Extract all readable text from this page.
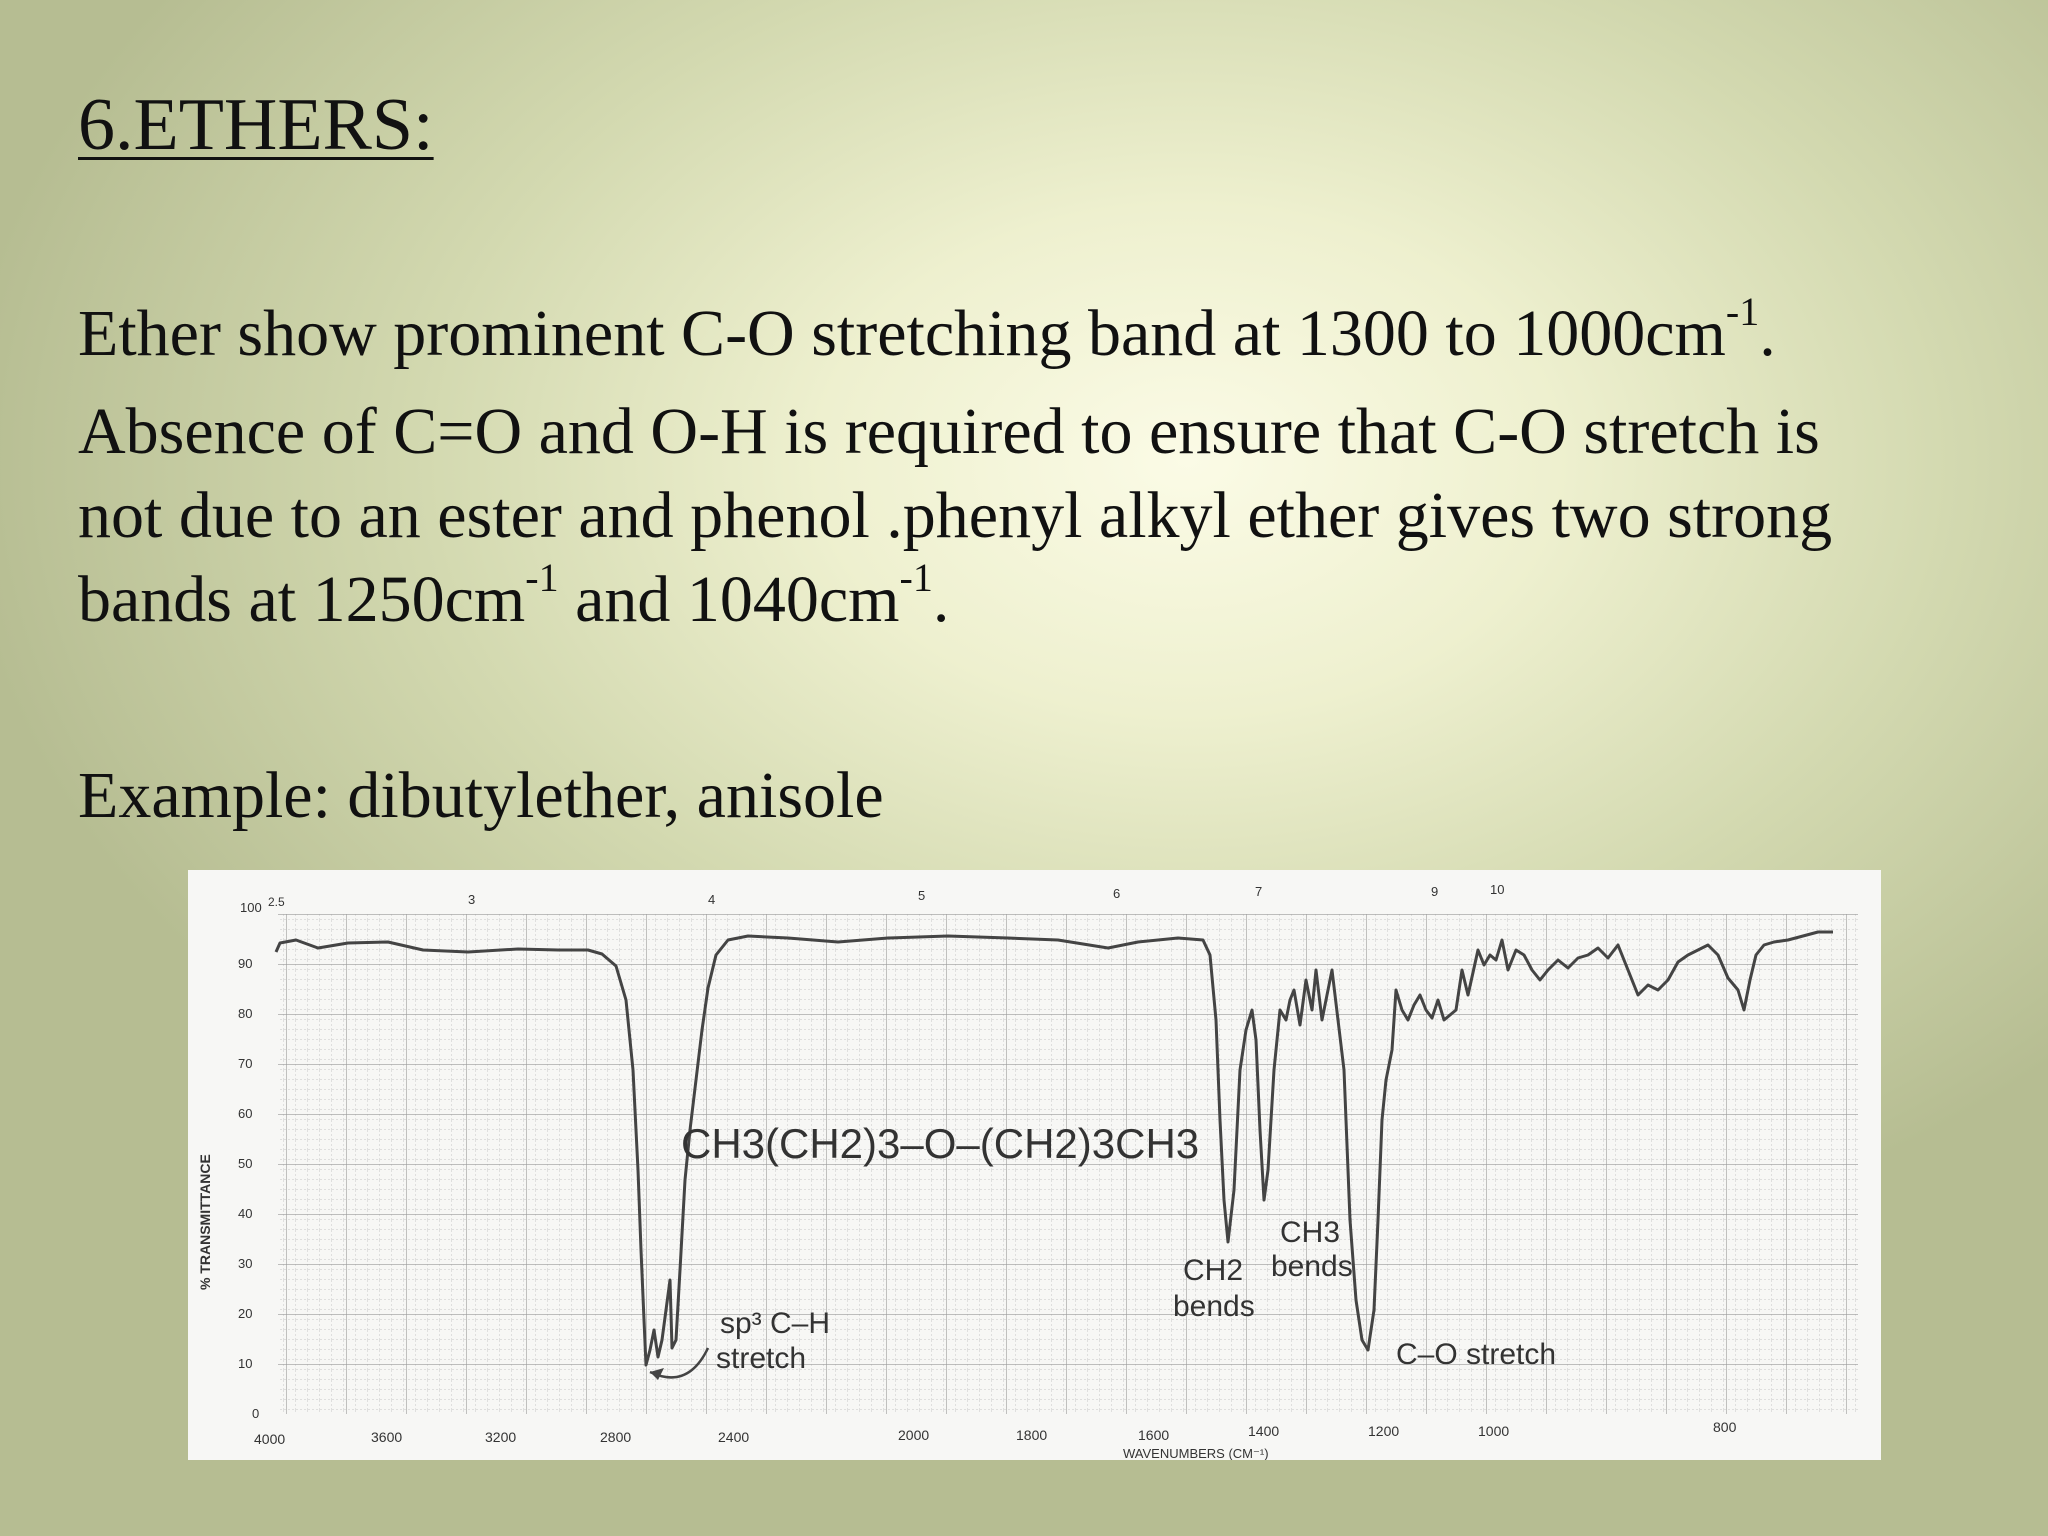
6.ETHERS:

Ether show prominent C-O stretching band at 1300 to $1000cm^{-1}$.

Absence of C=O and O-H is required to ensure that C-O stretch is
not due to an ester and phenol .phenyl alkyl ether gives two strong
bands at $1250cm^{-1}$ and $1040cm^{-1}$.

Example: dibutylether, anisole

100 2.5	3	4	5	6	7	9	10
90
80
70
60
50
40
30
20
10
0
% TRANSMITTANCE
4000	3600	3200	2800	2400	2000	1800	1600	1400	1200	1000	800
WAVENUMBERS (CM⁻¹)
CH3(CH2)3–O–(CH2)3CH3
sp³ C–H
stretch
CH2
bends
CH3
bends
C–O stretch
